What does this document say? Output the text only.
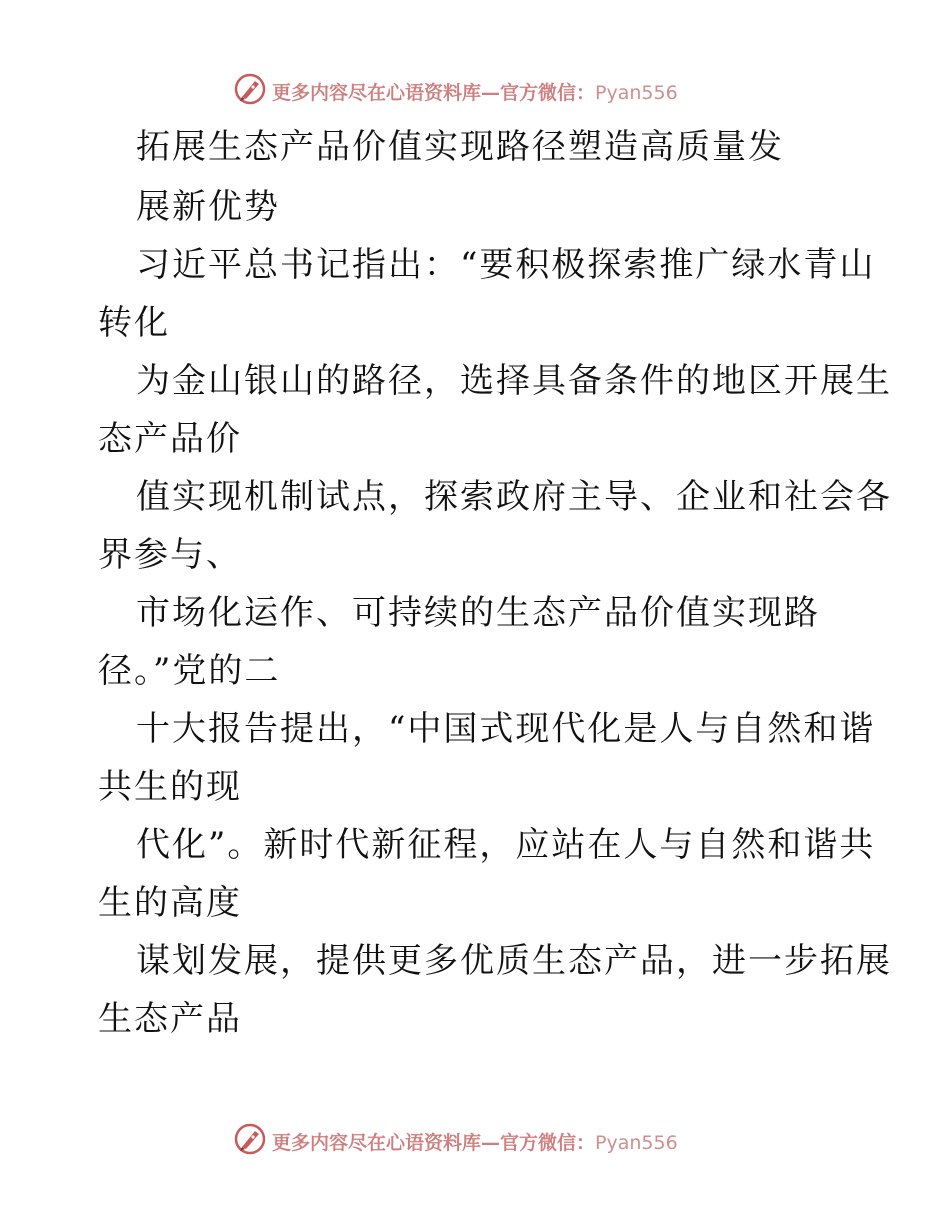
更多内容尽在心语资料库—官方微信：Pyan556
拓展生态产品价值实现路径塑造高质量发
展新优势
习近平总书记指出：“要积极探索推广绿水青山
转化
为金山银山的路径，选择具备条件的地区开展生
态产品价
值实现机制试点，探索政府主导、企业和社会各
界参与、
市场化运作、可持续的生态产品价值实现路
径。”党的二
十大报告提出，“中国式现代化是人与自然和谐
共生的现
代化”。新时代新征程，应站在人与自然和谐共
生的高度
谋划发展，提供更多优质生态产品，进一步拓展
生态产品
更多内容尽在心语资料库—官方微信：Pyan556
